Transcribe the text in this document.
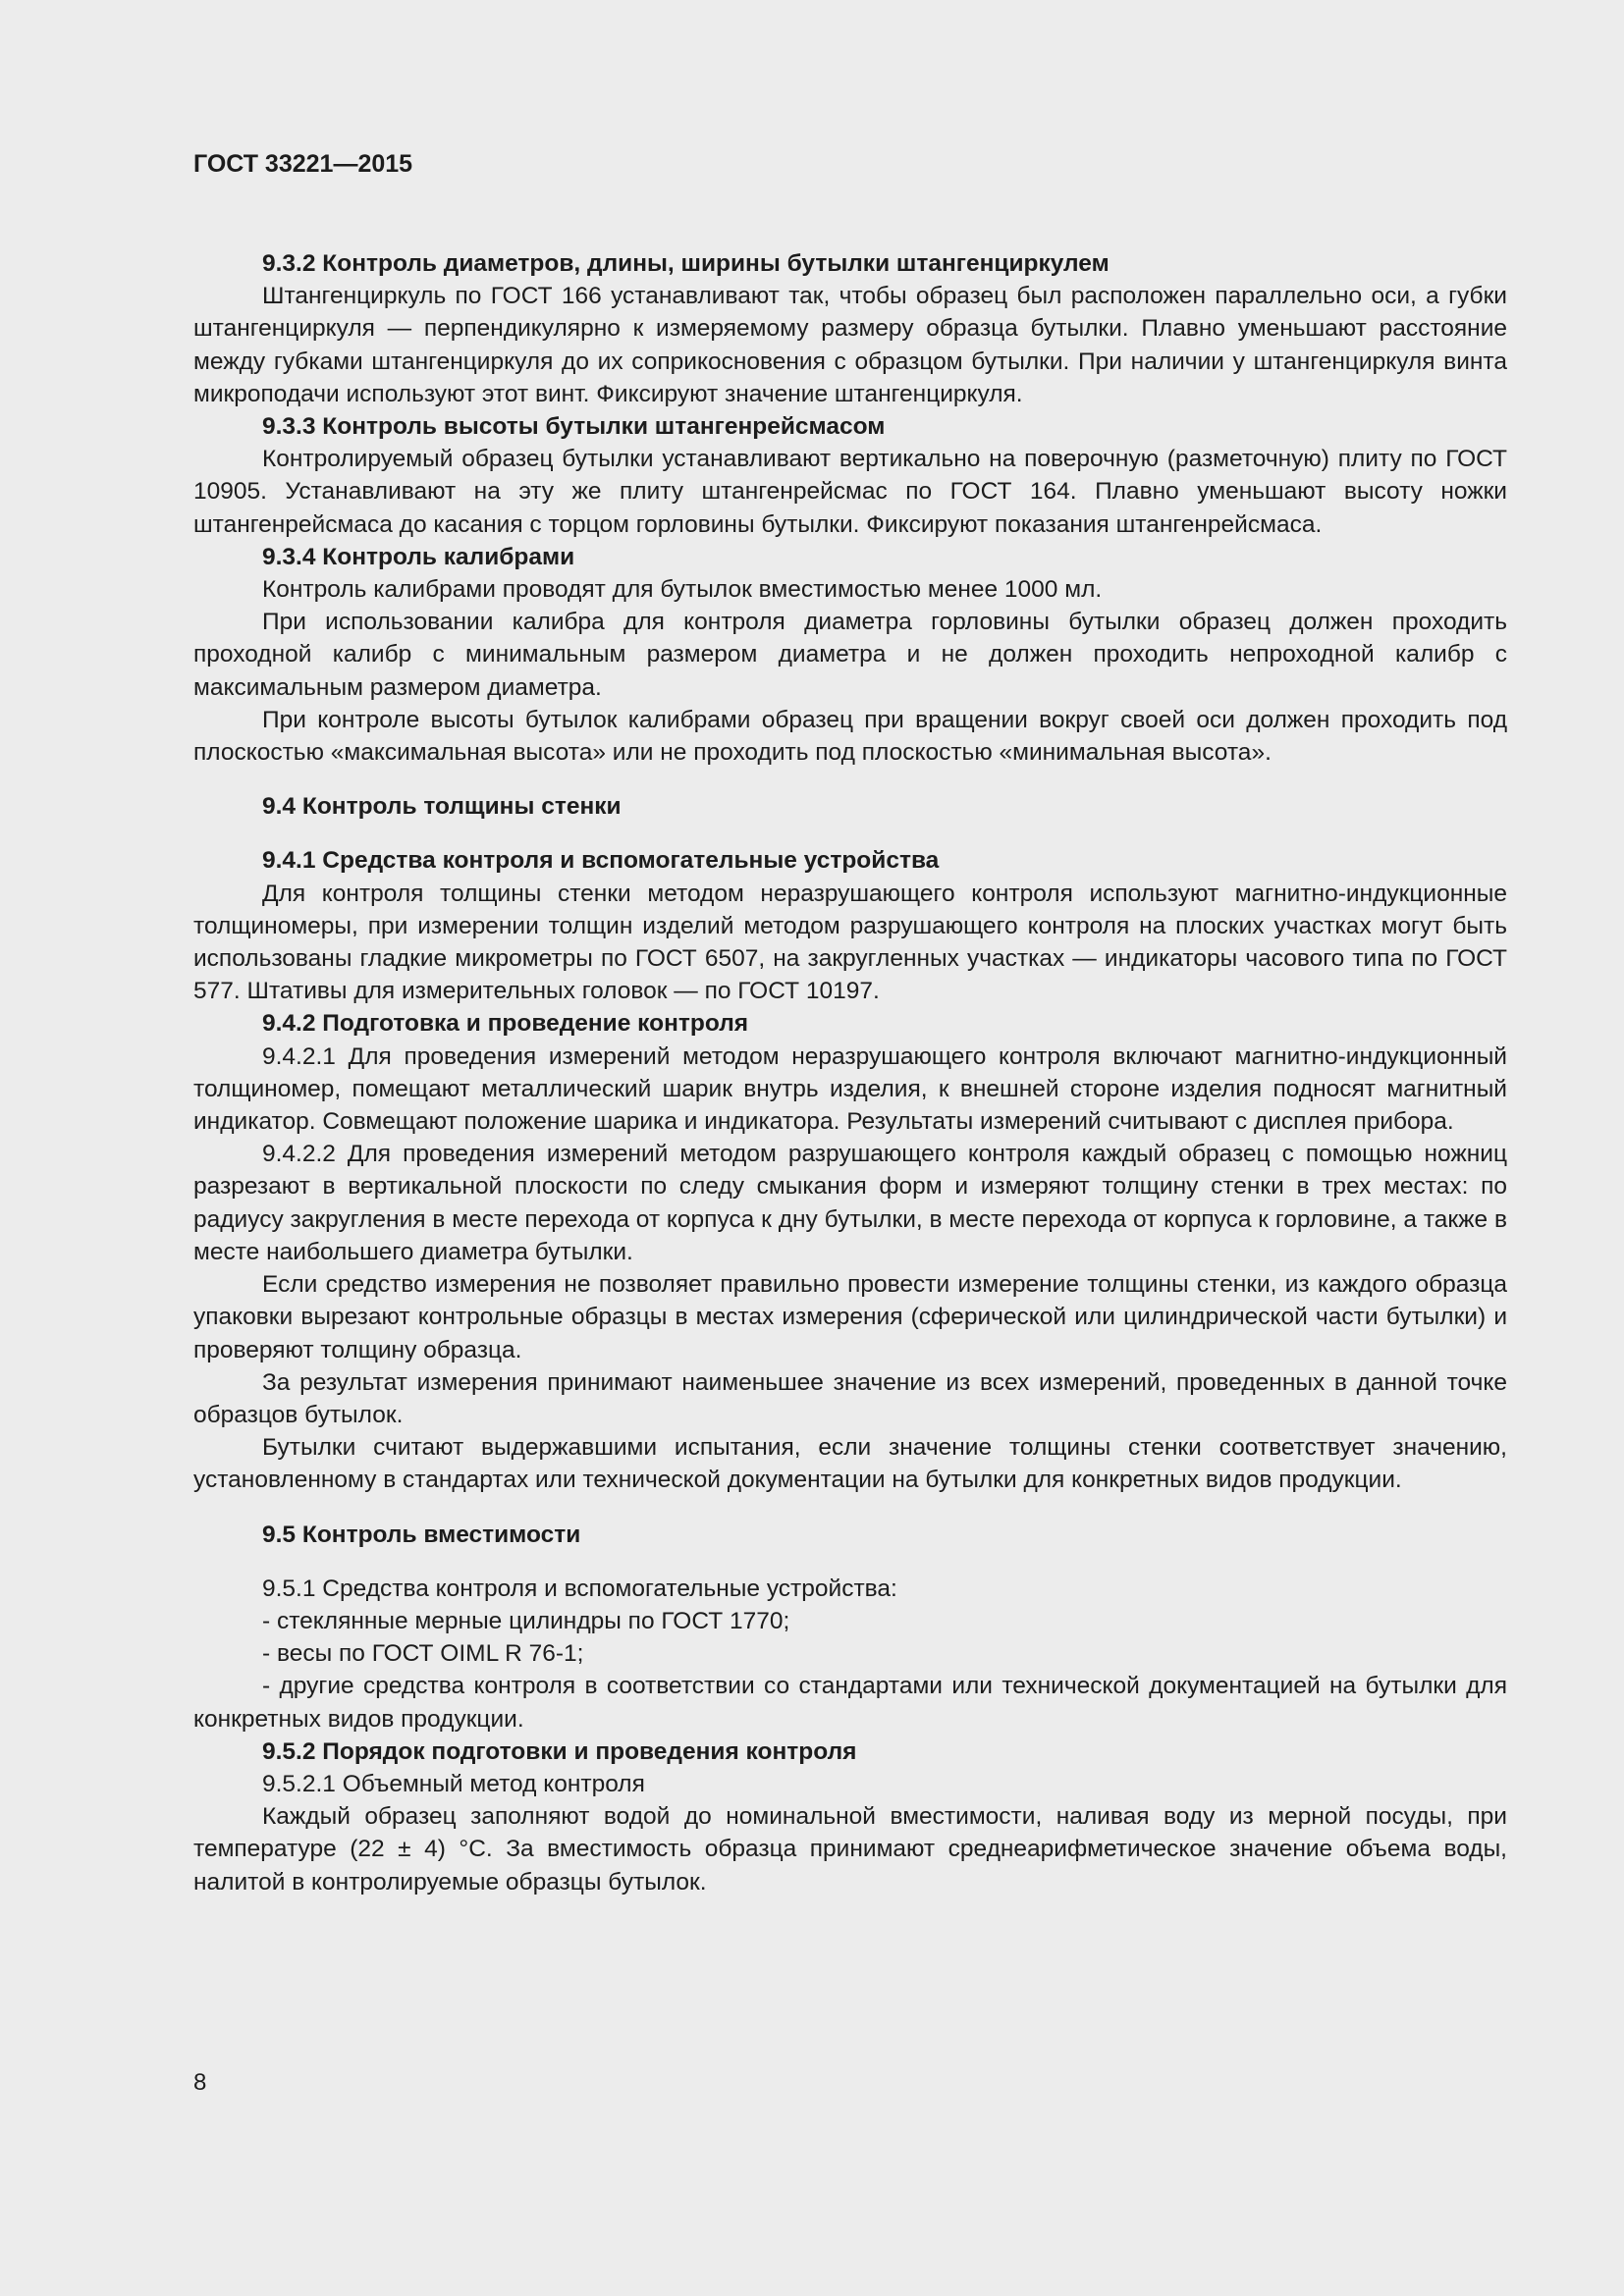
ГОСТ 33221—2015
9.3.2 Контроль диаметров, длины, ширины бутылки штангенциркулем

Штангенциркуль по ГОСТ 166 устанавливают так, чтобы образец был расположен параллельно оси, а губки штангенциркуля — перпендикулярно к измеряемому размеру образца бутылки. Плавно уменьшают расстояние между губками штангенциркуля до их соприкосновения с образцом бутылки. При наличии у штангенциркуля винта микроподачи используют этот винт. Фиксируют значение штангенциркуля.

9.3.3 Контроль высоты бутылки штангенрейсмасом

Контролируемый образец бутылки устанавливают вертикально на поверочную (разметочную) плиту по ГОСТ 10905. Устанавливают на эту же плиту штангенрейсмас по ГОСТ 164. Плавно уменьшают высоту ножки штангенрейсмаса до касания с торцом горловины бутылки. Фиксируют показания штангенрейсмаса.

9.3.4 Контроль калибрами

Контроль калибрами проводят для бутылок вместимостью менее 1000 мл.

При использовании калибра для контроля диаметра горловины бутылки образец должен проходить проходной калибр с минимальным размером диаметра и не должен проходить непроходной калибр с максимальным размером диаметра.

При контроле высоты бутылок калибрами образец при вращении вокруг своей оси должен проходить под плоскостью «максимальная высота» или не проходить под плоскостью «минимальная высота».

9.4 Контроль толщины стенки
9.4.1 Средства контроля и вспомогательные устройства

Для контроля толщины стенки методом неразрушающего контроля используют магнитно-индукционные толщиномеры, при измерении толщин изделий методом разрушающего контроля на плоских участках могут быть использованы гладкие микрометры по ГОСТ 6507, на закругленных участках — индикаторы часового типа по ГОСТ 577. Штативы для измерительных головок — по ГОСТ 10197.

9.4.2 Подготовка и проведение контроля

9.4.2.1 Для проведения измерений методом неразрушающего контроля включают магнитно-индукционный толщиномер, помещают металлический шарик внутрь изделия, к внешней стороне изделия подносят магнитный индикатор. Совмещают положение шарика и индикатора. Результаты измерений считывают с дисплея прибора.

9.4.2.2 Для проведения измерений методом разрушающего контроля каждый образец с помощью ножниц разрезают в вертикальной плоскости по следу смыкания форм и измеряют толщину стенки в трех местах: по радиусу закругления в месте перехода от корпуса к дну бутылки, в месте перехода от корпуса к горловине, а также в месте наибольшего диаметра бутылки.

Если средство измерения не позволяет правильно провести измерение толщины стенки, из каждого образца упаковки вырезают контрольные образцы в местах измерения (сферической или цилиндрической части бутылки) и проверяют толщину образца.

За результат измерения принимают наименьшее значение из всех измерений, проведенных в данной точке образцов бутылок.

Бутылки считают выдержавшими испытания, если значение толщины стенки соответствует значению, установленному в стандартах или технической документации на бутылки для конкретных видов продукции.

9.5 Контроль вместимости

9.5.1 Средства контроля и вспомогательные устройства:

- стеклянные мерные цилиндры по ГОСТ 1770;

- весы по ГОСТ OIML R 76-1;

- другие средства контроля в соответствии со стандартами или технической документацией на бутылки для конкретных видов продукции.

9.5.2 Порядок подготовки и проведения контроля

9.5.2.1 Объемный метод контроля

Каждый образец заполняют водой до номинальной вместимости, наливая воду из мерной посуды, при температуре (22 ± 4) °С. За вместимость образца принимают среднеарифметическое значение объема воды, налитой в контролируемые образцы бутылок.

8
